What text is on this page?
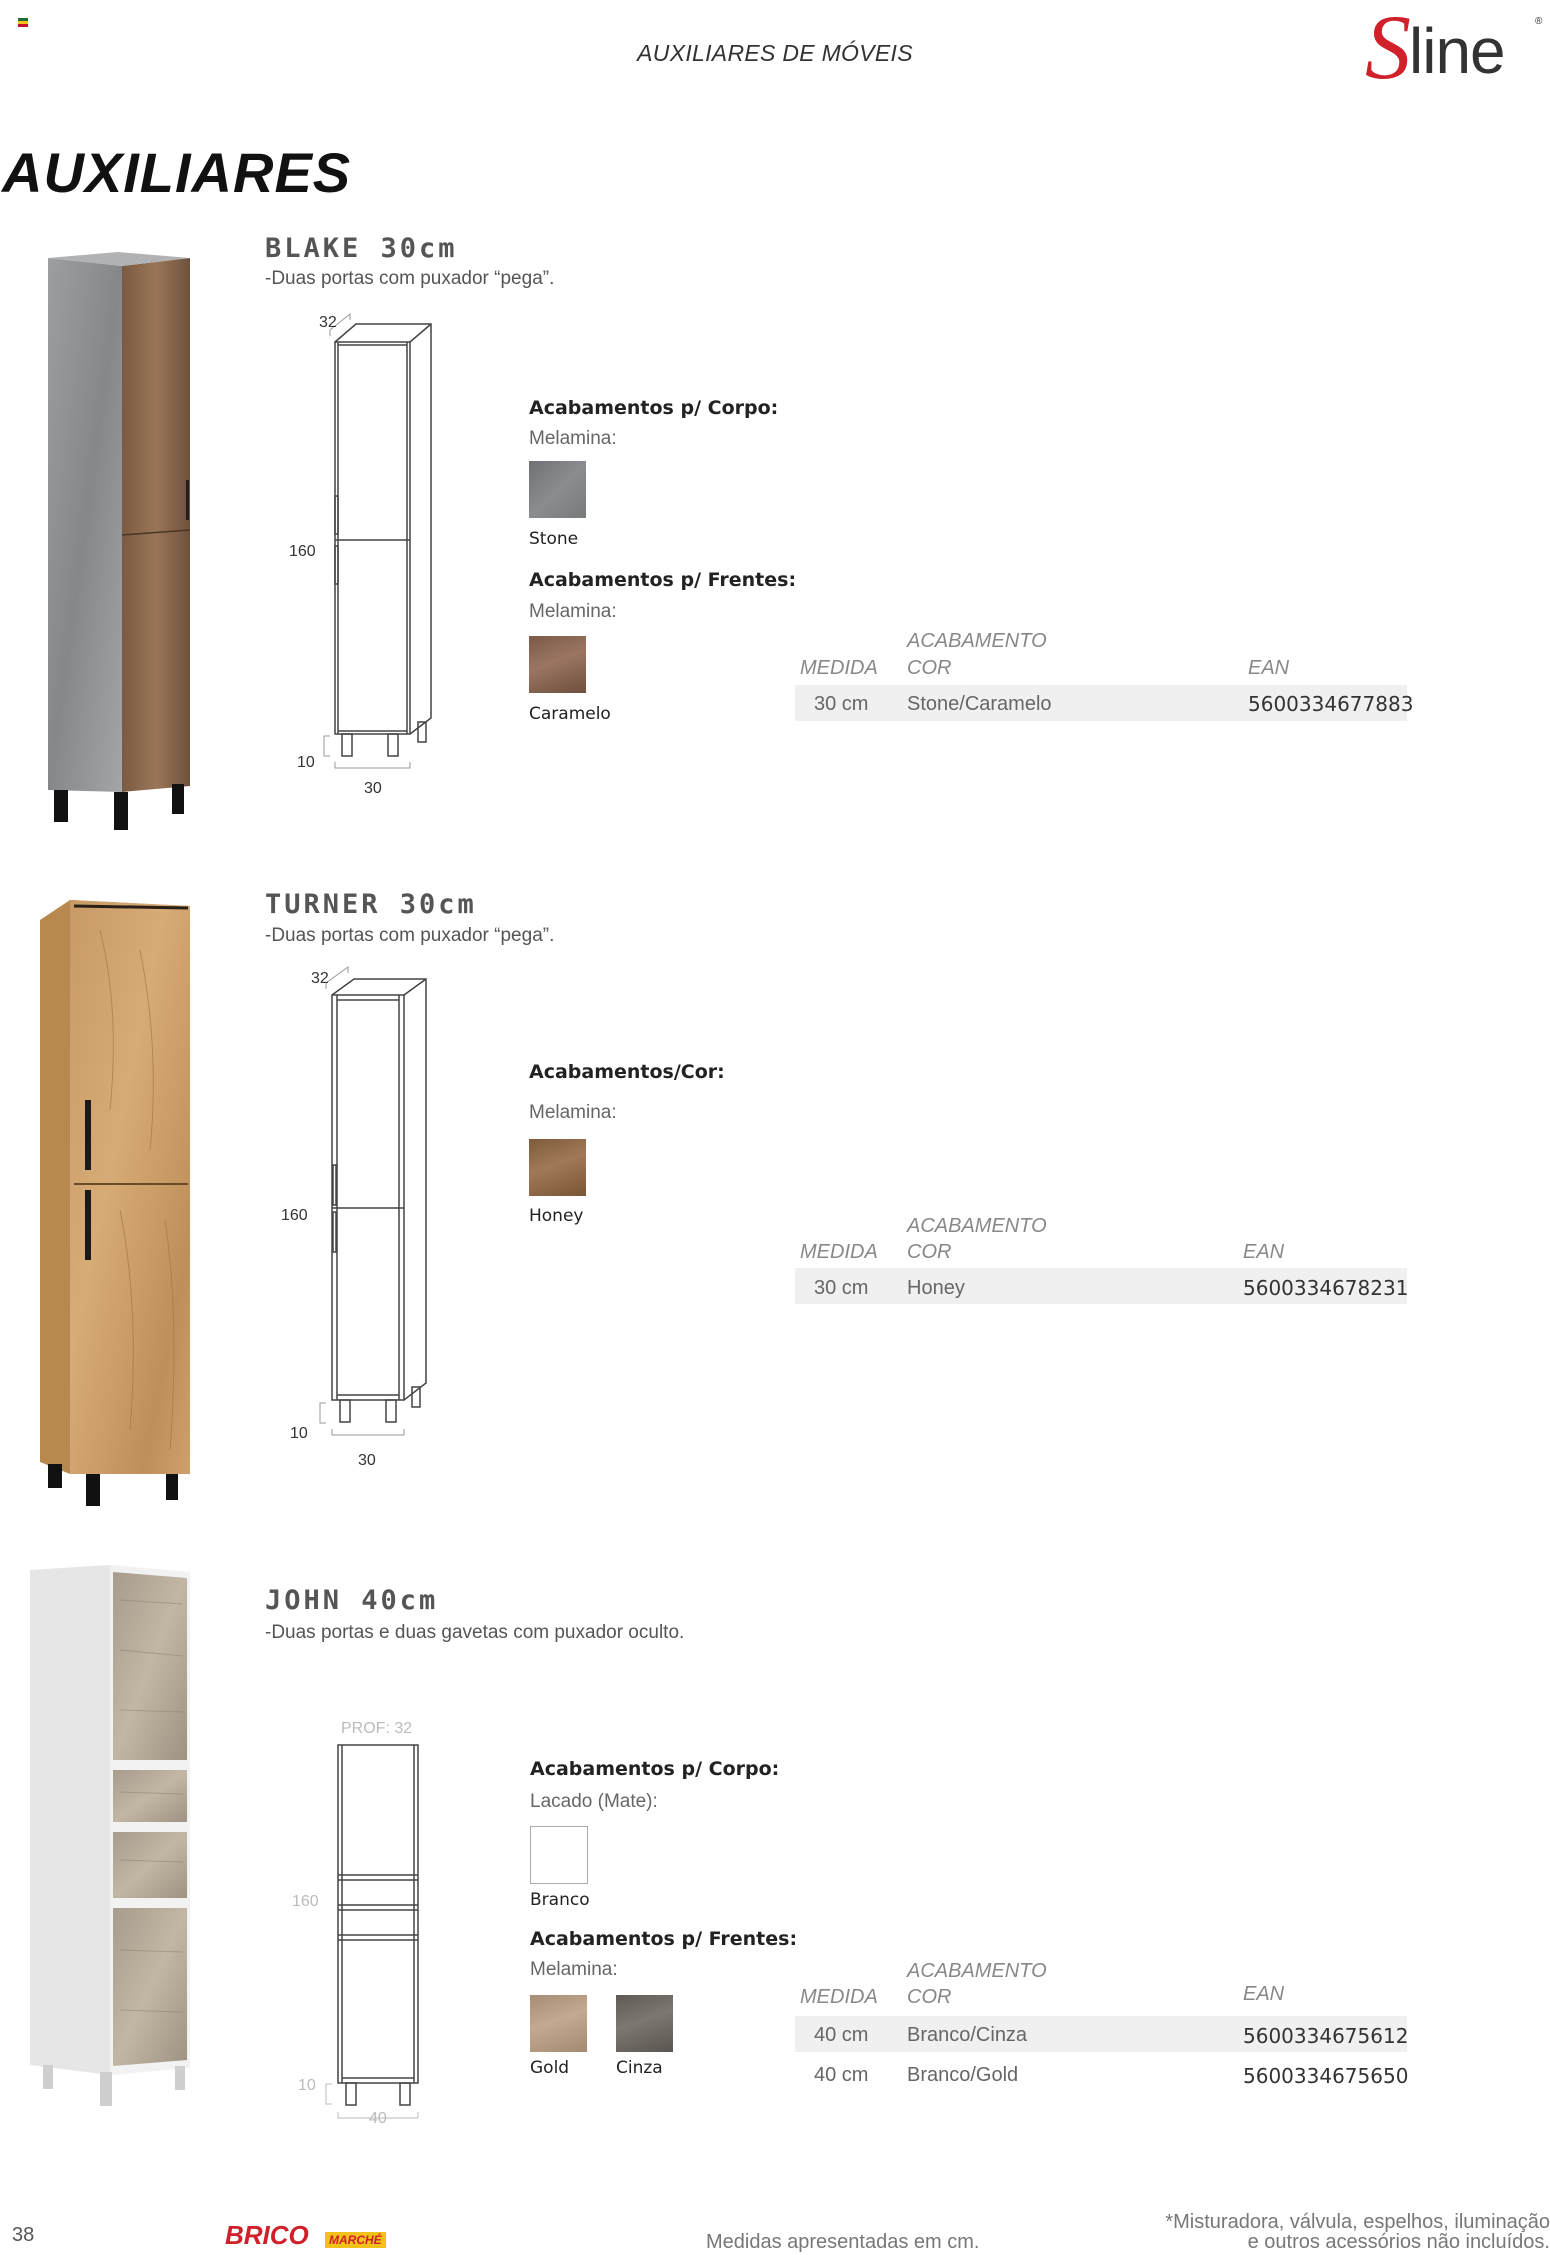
AUXILIARES DE MÓVEIS	S
line	®
AUXILIARES
BLAKE 30cm
-Duas portas com puxador “pega”.
32
160
10
30
Acabamentos p/ Corpo:
Melamina:
Stone
Acabamentos p/ Frentes:
Melamina:
Caramelo
ACABAMENTO
MEDIDA COR	EAN
30 cm Stone/Caramelo	5600334677883
TURNER 30cm
-Duas portas com puxador “pega”.
32
160
10
30
Acabamentos/Cor:
Melamina:
Honey	ACABAMENTO
MEDIDA COR	EAN
30 cm Honey	5600334678231
JOHN 40cm
-Duas portas e duas gavetas com puxador oculto.
PROF: 32
160
10
40
Acabamentos p/ Corpo:
Lacado (Mate):
Branco
Acabamentos p/ Frentes:
Melamina:
Gold	Cinza
ACABAMENTO
MEDIDA COR	EAN
40 cm Branco/Cinza	5600334675612
40 cm Branco/Gold	5600334675650
38	BRICO	MARCHÉ	Medidas apresentadas em cm.
*Misturadora, válvula, espelhos, iluminação
e outros acessórios não incluídos.
